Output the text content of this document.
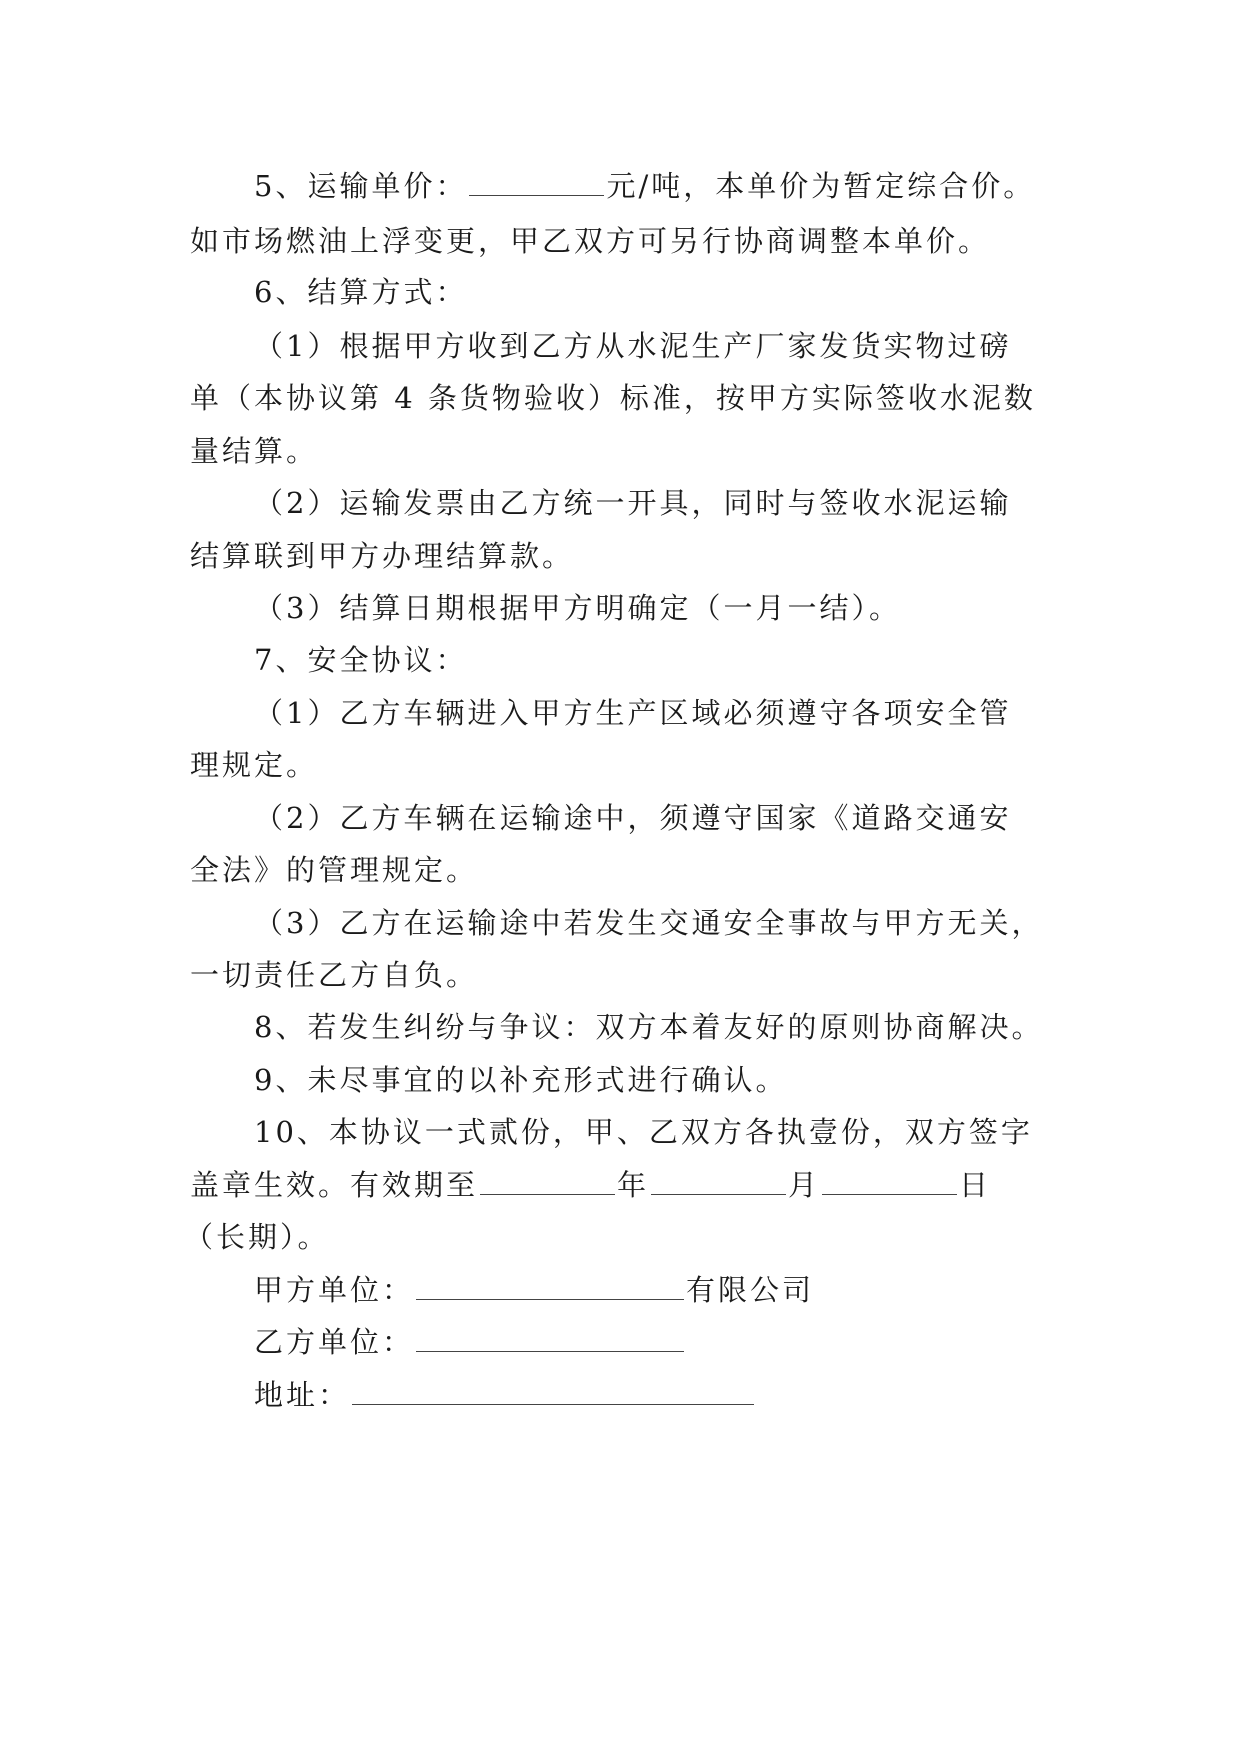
5、运输单价：	元/吨，本单价为暂定综合价。
如市场燃油上浮变更，甲乙双方可另行协商调整本单价。
6、结算方式：
（1）根据甲方收到乙方从水泥生产厂家发货实物过磅
单（本协议第 4 条货物验收）标准，按甲方实际签收水泥数
量结算。
（2）运输发票由乙方统一开具，同时与签收水泥运输
结算联到甲方办理结算款。
（3）结算日期根据甲方明确定（一月一结）。
7、安全协议：
（1）乙方车辆进入甲方生产区域必须遵守各项安全管
理规定。
（2）乙方车辆在运输途中，须遵守国家《道路交通安
全法》的管理规定。
（3）乙方在运输途中若发生交通安全事故与甲方无关，
一切责任乙方自负。
8、若发生纠纷与争议：双方本着友好的原则协商解决。
9、未尽事宜的以补充形式进行确认。
10、本协议一式贰份，甲、乙双方各执壹份，双方签字
盖章生效。有效期至	年	月	日
（长期）。
甲方单位：	有限公司
乙方单位：
地址：
